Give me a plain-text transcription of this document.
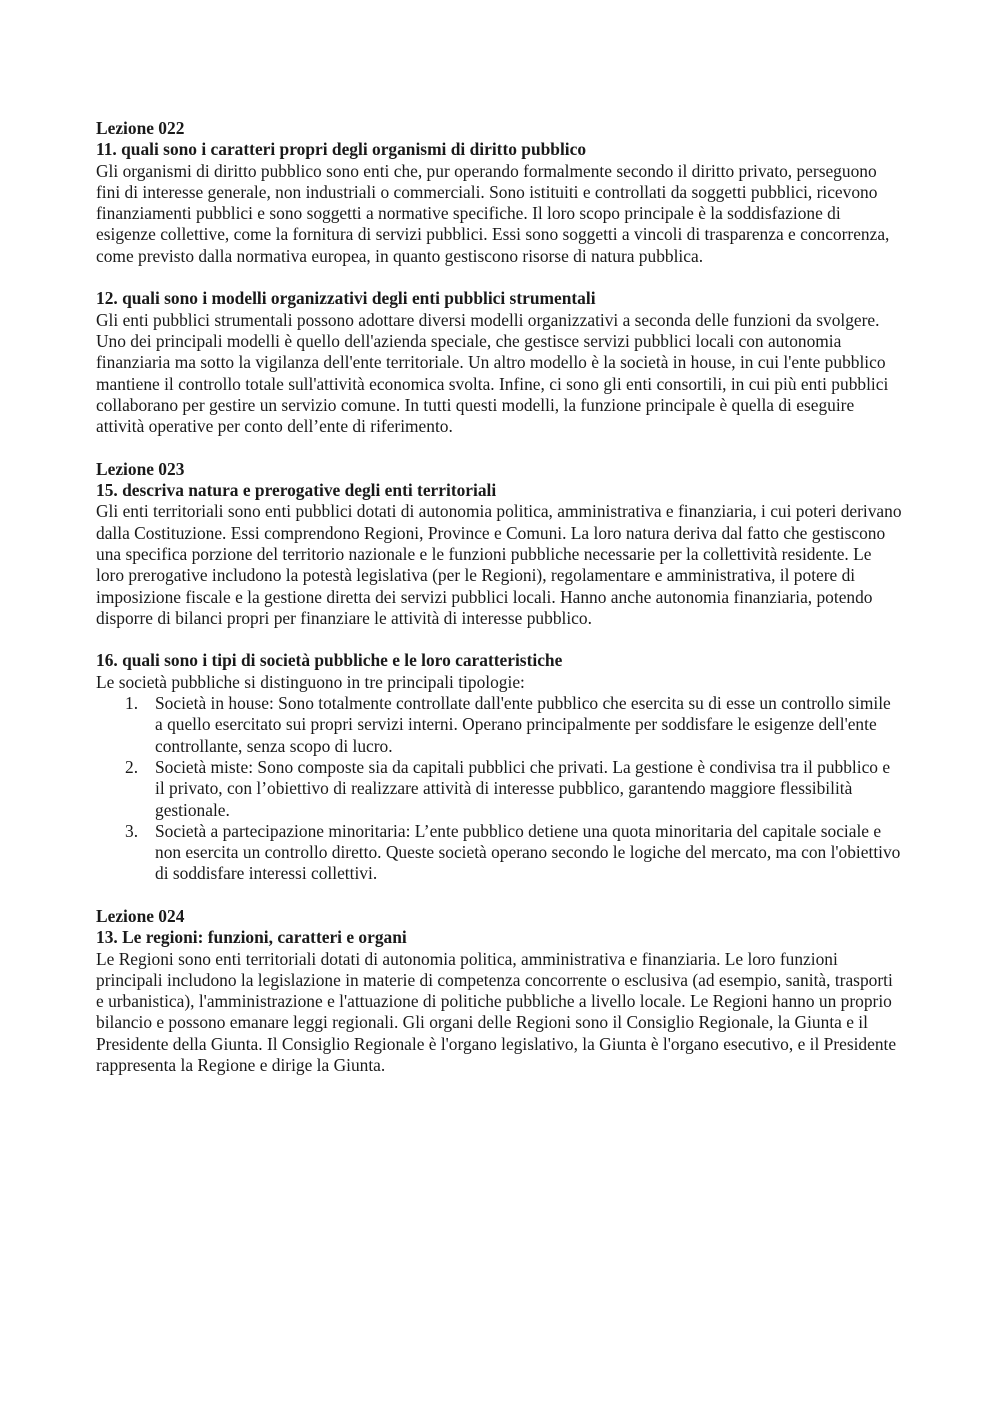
Lezione 022

11. quali sono i caratteri propri degli organismi di diritto pubblico

Gli organismi di diritto pubblico sono enti che, pur operando formalmente secondo il diritto privato, perseguono fini di interesse generale, non industriali o commerciali. Sono istituiti e controllati da soggetti pubblici, ricevono finanziamenti pubblici e sono soggetti a normative specifiche. Il loro scopo principale è la soddisfazione di esigenze collettive, come la fornitura di servizi pubblici. Essi sono soggetti a vincoli di trasparenza e concorrenza, come previsto dalla normativa europea, in quanto gestiscono risorse di natura pubblica.

12. quali sono i modelli organizzativi degli enti pubblici strumentali

Gli enti pubblici strumentali possono adottare diversi modelli organizzativi a seconda delle funzioni da svolgere. Uno dei principali modelli è quello dell'azienda speciale, che gestisce servizi pubblici locali con autonomia finanziaria ma sotto la vigilanza dell'ente territoriale. Un altro modello è la società in house, in cui l'ente pubblico mantiene il controllo totale sull'attività economica svolta. Infine, ci sono gli enti consortili, in cui più enti pubblici collaborano per gestire un servizio comune. In tutti questi modelli, la funzione principale è quella di eseguire attività operative per conto dell’ente di riferimento.

Lezione 023

15. descriva natura e prerogative degli enti territoriali

Gli enti territoriali sono enti pubblici dotati di autonomia politica, amministrativa e finanziaria, i cui poteri derivano dalla Costituzione. Essi comprendono Regioni, Province e Comuni. La loro natura deriva dal fatto che gestiscono una specifica porzione del territorio nazionale e le funzioni pubbliche necessarie per la collettività residente. Le loro prerogative includono la potestà legislativa (per le Regioni), regolamentare e amministrativa, il potere di imposizione fiscale e la gestione diretta dei servizi pubblici locali. Hanno anche autonomia finanziaria, potendo disporre di bilanci propri per finanziare le attività di interesse pubblico.

16. quali sono i tipi di società pubbliche e le loro caratteristiche

Le società pubbliche si distinguono in tre principali tipologie:

1. Società in house: Sono totalmente controllate dall'ente pubblico che esercita su di esse un controllo simile a quello esercitato sui propri servizi interni. Operano principalmente per soddisfare le esigenze dell'ente controllante, senza scopo di lucro.
2. Società miste: Sono composte sia da capitali pubblici che privati. La gestione è condivisa tra il pubblico e il privato, con l’obiettivo di realizzare attività di interesse pubblico, garantendo maggiore flessibilità gestionale.
3. Società a partecipazione minoritaria: L’ente pubblico detiene una quota minoritaria del capitale sociale e non esercita un controllo diretto. Queste società operano secondo le logiche del mercato, ma con l'obiettivo di soddisfare interessi collettivi.

Lezione 024

13. Le regioni: funzioni, caratteri e organi

Le Regioni sono enti territoriali dotati di autonomia politica, amministrativa e finanziaria. Le loro funzioni principali includono la legislazione in materie di competenza concorrente o esclusiva (ad esempio, sanità, trasporti e urbanistica), l'amministrazione e l'attuazione di politiche pubbliche a livello locale. Le Regioni hanno un proprio bilancio e possono emanare leggi regionali. Gli organi delle Regioni sono il Consiglio Regionale, la Giunta e il Presidente della Giunta. Il Consiglio Regionale è l'organo legislativo, la Giunta è l'organo esecutivo, e il Presidente rappresenta la Regione e dirige la Giunta.
